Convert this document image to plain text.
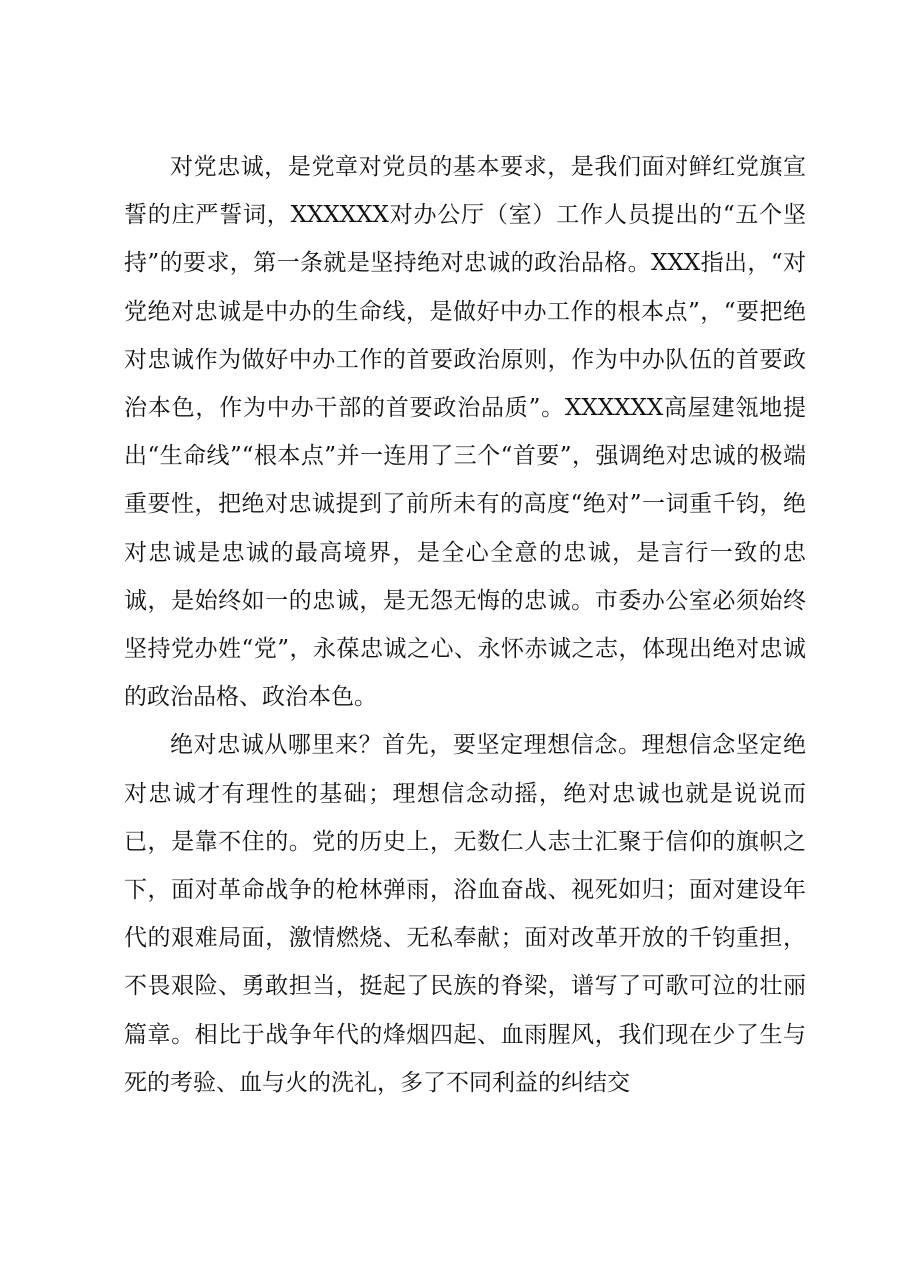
对党忠诚，是党章对党员的基本要求，是我们面对鲜红党旗宣誓的庄严誓词，XXXXXX对办公厅（室）工作人员提出的“五个坚持”的要求，第一条就是坚持绝对忠诚的政治品格。XXX指出，“对党绝对忠诚是中办的生命线，是做好中办工作的根本点”，“要把绝对忠诚作为做好中办工作的首要政治原则，作为中办队伍的首要政治本色，作为中办干部的首要政治品质”。XXXXXX高屋建瓴地提出“生命线”“根本点”并一连用了三个“首要”，强调绝对忠诚的极端重要性，把绝对忠诚提到了前所未有的高度“绝对”一词重千钧，绝对忠诚是忠诚的最高境界，是全心全意的忠诚，是言行一致的忠诚，是始终如一的忠诚，是无怨无悔的忠诚。市委办公室必须始终坚持党办姓“党”，永葆忠诚之心、永怀赤诚之志，体现出绝对忠诚的政治品格、政治本色。

绝对忠诚从哪里来？首先，要坚定理想信念。理想信念坚定绝对忠诚才有理性的基础；理想信念动摇，绝对忠诚也就是说说而已，是靠不住的。党的历史上，无数仁人志士汇聚于信仰的旗帜之下，面对革命战争的枪林弹雨，浴血奋战、视死如归；面对建设年代的艰难局面，激情燃烧、无私奉献；面对改革开放的千钧重担，不畏艰险、勇敢担当，挺起了民族的脊梁，谱写了可歌可泣的壮丽篇章。相比于战争年代的烽烟四起、血雨腥风，我们现在少了生与死的考验、血与火的洗礼，多了不同利益的纠结交
